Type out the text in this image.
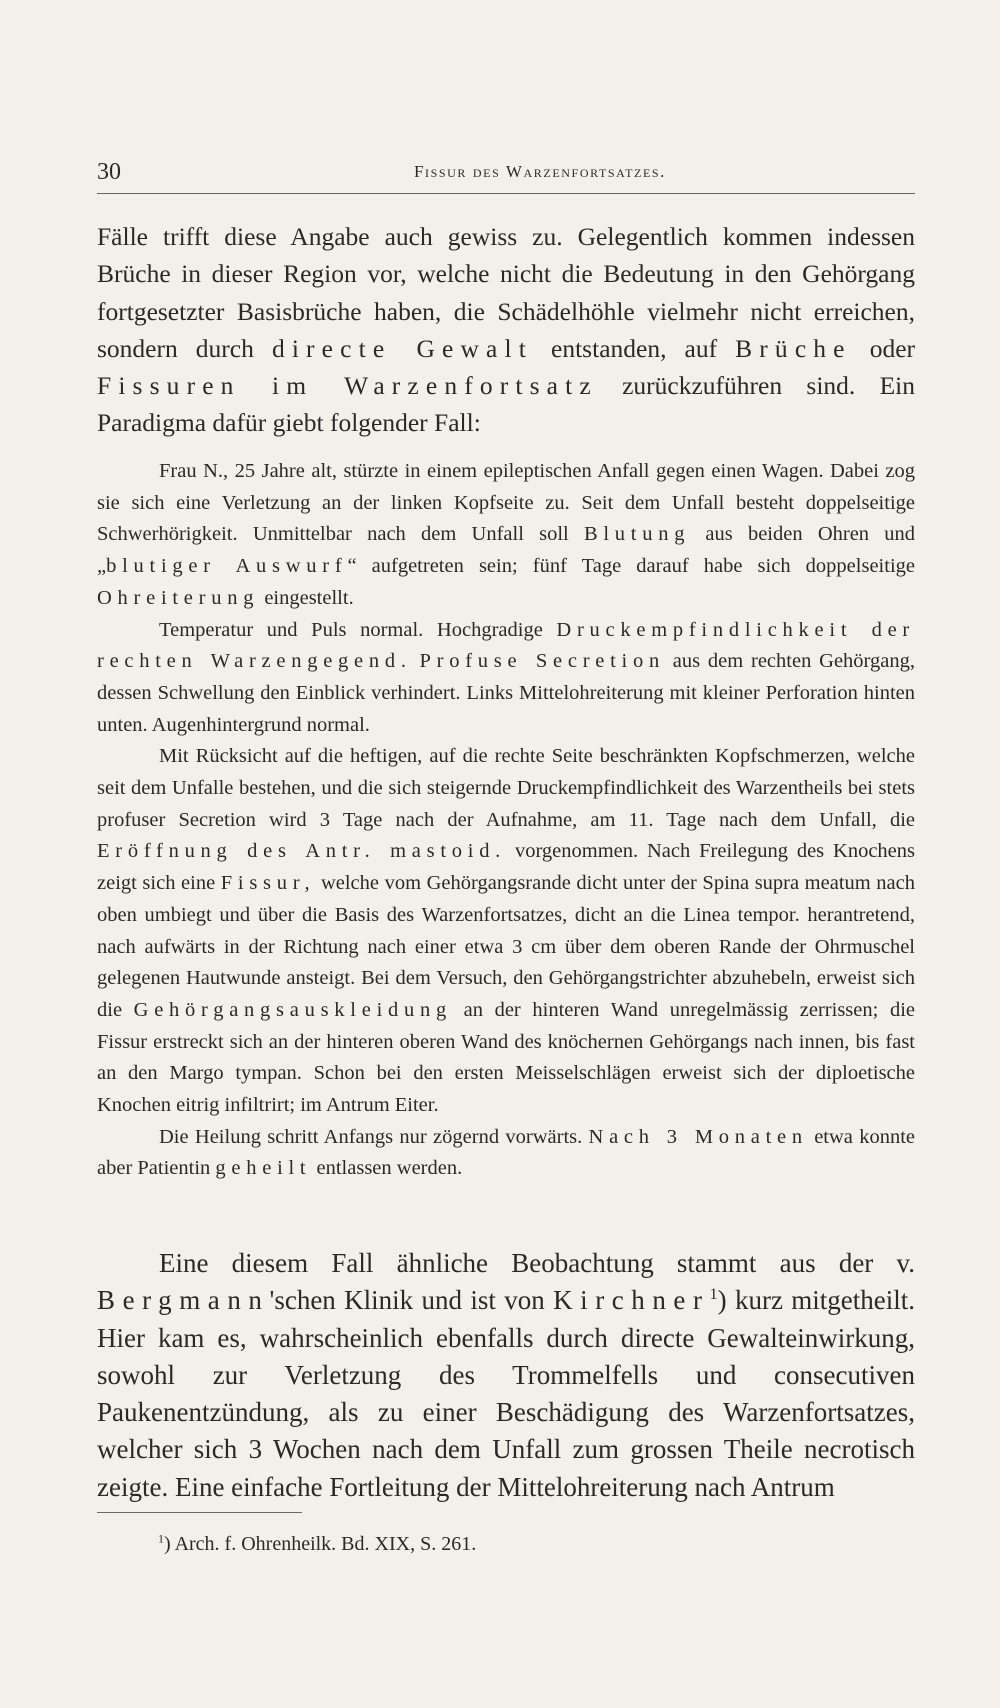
30	Fissur des Warzenfortsatzes.

Fälle trifft diese Angabe auch gewiss zu. Gelegentlich kommen indessen Brüche in dieser Region vor, welche nicht die Bedeutung in den Gehörgang fortgesetzter Basisbrüche haben, die Schädelhöhle vielmehr nicht erreichen, sondern durch directe Gewalt entstanden, auf Brüche oder Fissuren im Warzenfortsatz zurückzuführen sind. Ein Paradigma dafür giebt folgender Fall:

Frau N., 25 Jahre alt, stürzte in einem epileptischen Anfall gegen einen Wagen. Dabei zog sie sich eine Verletzung an der linken Kopfseite zu. Seit dem Unfall besteht doppelseitige Schwerhörigkeit. Unmittelbar nach dem Unfall soll Blutung aus beiden Ohren und „blutiger Auswurf“ aufgetreten sein; fünf Tage darauf habe sich doppelseitige Ohreiterung eingestellt.

Temperatur und Puls normal. Hochgradige Druckempfindlichkeit der rechten Warzengegend. Profuse Secretion aus dem rechten Gehörgang, dessen Schwellung den Einblick verhindert. Links Mittelohreiterung mit kleiner Perforation hinten unten. Augenhintergrund normal.

Mit Rücksicht auf die heftigen, auf die rechte Seite beschränkten Kopfschmerzen, welche seit dem Unfalle bestehen, und die sich steigernde Druckempfindlichkeit des Warzentheils bei stets profuser Secretion wird 3 Tage nach der Aufnahme, am 11. Tage nach dem Unfall, die Eröffnung des Antr. mastoid. vorgenommen. Nach Freilegung des Knochens zeigt sich eine Fissur, welche vom Gehörgangsrande dicht unter der Spina supra meatum nach oben umbiegt und über die Basis des Warzenfortsatzes, dicht an die Linea tempor. herantretend, nach aufwärts in der Richtung nach einer etwa 3 cm über dem oberen Rande der Ohrmuschel gelegenen Hautwunde ansteigt. Bei dem Versuch, den Gehörgangstrichter abzuhebeln, erweist sich die Gehörgangsauskleidung an der hinteren Wand unregelmässig zerrissen; die Fissur erstreckt sich an der hinteren oberen Wand des knöchernen Gehörgangs nach innen, bis fast an den Margo tympan. Schon bei den ersten Meisselschlägen erweist sich der diploetische Knochen eitrig infiltrirt; im Antrum Eiter.

Die Heilung schritt Anfangs nur zögernd vorwärts. Nach 3 Monaten etwa konnte aber Patientin geheilt entlassen werden.

Eine diesem Fall ähnliche Beobachtung stammt aus der v. Bergmann'schen Klinik und ist von Kirchner$^1$) kurz mitgetheilt. Hier kam es, wahrscheinlich ebenfalls durch directe Gewalteinwirkung, sowohl zur Verletzung des Trommelfells und consecutiven Paukenentzündung, als zu einer Beschädigung des Warzenfortsatzes, welcher sich 3 Wochen nach dem Unfall zum grossen Theile necrotisch zeigte. Eine einfache Fortleitung der Mittelohreiterung nach Antrum

$^1$) Arch. f. Ohrenheilk. Bd. XIX, S. 261.
